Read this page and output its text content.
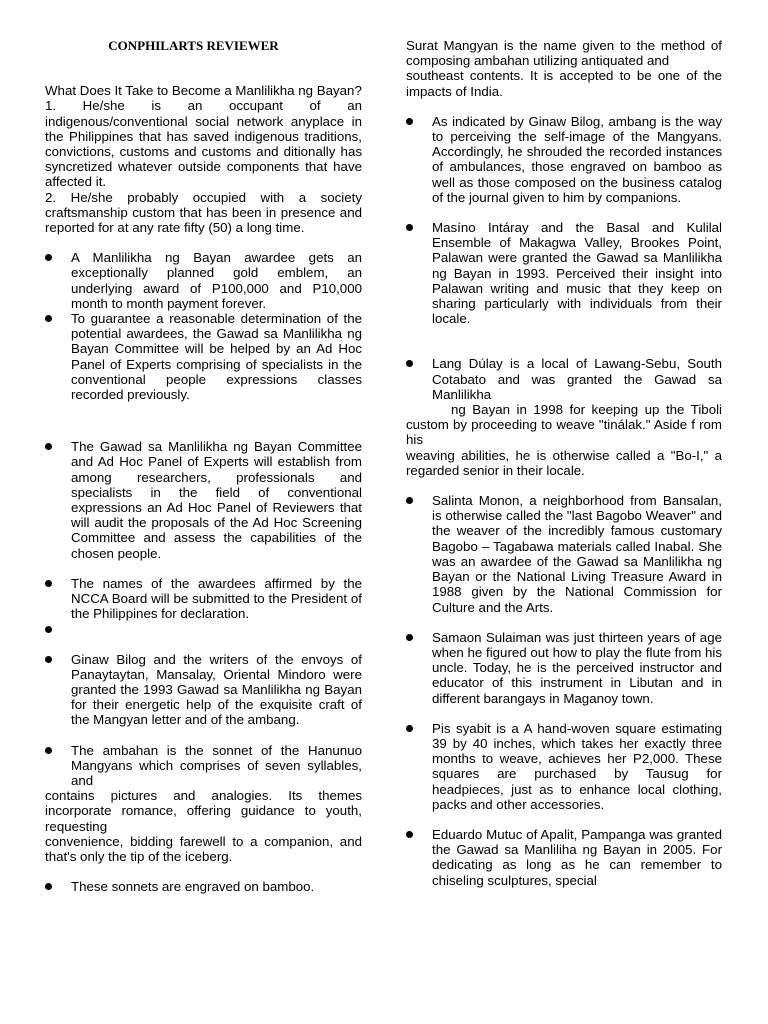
CONPHILARTS REVIEWER

What Does It Take to Become a Manlilikha ng Bayan?

1. He/she is an occupant of an indigenous/conventional social network anyplace in the Philippines that has saved indigenous traditions, convictions, customs and customs and ditionally has syncretized whatever outside components that have affected it.

2. He/she probably occupied with a society craftsmanship custom that has been in presence and reported for at any rate fifty (50) a long time.

A Manlilikha ng Bayan awardee gets an exceptionally planned gold emblem, an underlying award of P100,000 and P10,000 month to month payment forever.
To guarantee a reasonable determination of the potential awardees, the Gawad sa Manlilikha ng Bayan Committee will be helped by an Ad Hoc Panel of Experts comprising of specialists in the conventional people expressions classes recorded previously.
The Gawad sa Manlilikha ng Bayan Committee and Ad Hoc Panel of Experts will establish from among researchers, professionals and specialists in the field of conventional expressions an Ad Hoc Panel of Reviewers that will audit the proposals of the Ad Hoc Screening Committee and assess the capabilities of the chosen people.
The names of the awardees affirmed by the NCCA Board will be submitted to the President of the Philippines for declaration.
Ginaw Bilog and the writers of the envoys of Panaytaytan, Mansalay, Oriental Mindoro were granted the 1993 Gawad sa Manlilikha ng Bayan for their energetic help of the exquisite craft of the Mangyan letter and of the ambang.
The ambahan is the sonnet of the Hanunuo Mangyans which comprises of seven syllables, and

contains pictures and analogies. Its themes incorporate romance, offering guidance to youth, requesting

convenience, bidding farewell to a companion, and that's only the tip of the iceberg.

These sonnets are engraved on bamboo.

Surat Mangyan is the name given to the method of composing ambahan utilizing antiquated and

southeast contents. It is accepted to be one of the impacts of India.

As indicated by Ginaw Bilog, ambang is the way to perceiving the self-image of the Mangyans. Accordingly, he shrouded the recorded instances of ambulances, those engraved on bamboo as well as those composed on the business catalog of the journal given to him by companions.
Masíno Intáray and the Basal and Kulilal Ensemble of Makagwa Valley, Brookes Point, Palawan were granted the Gawad sa Manlilikha ng Bayan in 1993. Perceived their insight into Palawan writing and music that they keep on sharing particularly with individuals from their locale.
Lang Dúlay is a local of Lawang-Sebu, South Cotabato and was granted the Gawad sa Manlilikha

ng Bayan in 1998 for keeping up the Tiboli custom by proceeding to weave "tinálak." Aside f rom his

weaving abilities, he is otherwise called a "Bo-I," a regarded senior in their locale.

Salinta Monon, a neighborhood from Bansalan, is otherwise called the "last Bagobo Weaver" and the weaver of the incredibly famous customary Bagobo – Tagabawa materials called Inabal. She was an awardee of the Gawad sa Manlilikha ng Bayan or the National Living Treasure Award in 1988 given by the National Commission for Culture and the Arts.
Samaon Sulaiman was just thirteen years of age when he figured out how to play the flute from his uncle. Today, he is the perceived instructor and educator of this instrument in Libutan and in different barangays in Maganoy town.
Pis syabit is a A hand-woven square estimating 39 by 40 inches, which takes her exactly three months to weave, achieves her P2,000. These squares are purchased by Tausug for headpieces, just as to enhance local clothing, packs and other accessories.
Eduardo Mutuc of Apalit, Pampanga was granted the Gawad sa Manliliha ng Bayan in 2005. For dedicating as long as he can remember to chiseling sculptures, special
